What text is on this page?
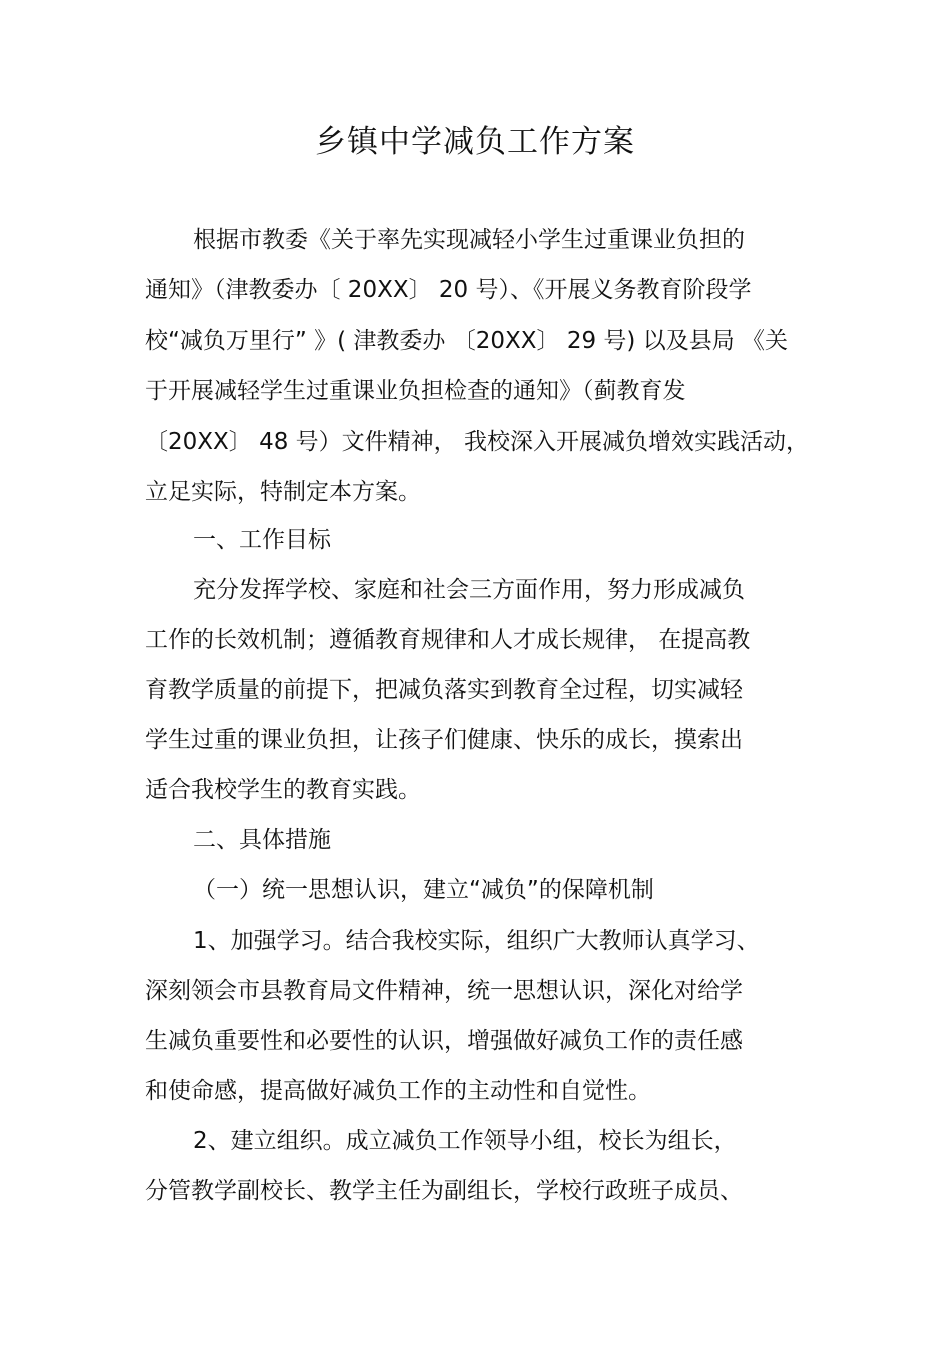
乡镇中学减负工作方案
根据市教委《关于率先实现减轻小学生过重课业负担的
通知》（津教委办〔 20XX〕 20 号）、《开展义务教育阶段学
校“减负万里行” 》( 津教委办 〔20XX〕 29 号) 以及县局 《关
于开展减轻学生过重课业负担检查的通知》（蓟教育发
〔20XX〕 48 号）文件精神， 我校深入开展减负增效实践活动，
立足实际，特制定本方案。
一、工作目标
充分发挥学校、家庭和社会三方面作用，努力形成减负
工作的长效机制；遵循教育规律和人才成长规律， 在提高教
育教学质量的前提下，把减负落实到教育全过程，切实减轻
学生过重的课业负担，让孩子们健康、快乐的成长，摸索出
适合我校学生的教育实践。
二、具体措施
（一）统一思想认识，建立“减负”的保障机制
1、加强学习。结合我校实际，组织广大教师认真学习、
深刻领会市县教育局文件精神，统一思想认识，深化对给学
生减负重要性和必要性的认识，增强做好减负工作的责任感
和使命感，提高做好减负工作的主动性和自觉性。
2、建立组织。成立减负工作领导小组，校长为组长，
分管教学副校长、教学主任为副组长，学校行政班子成员、
